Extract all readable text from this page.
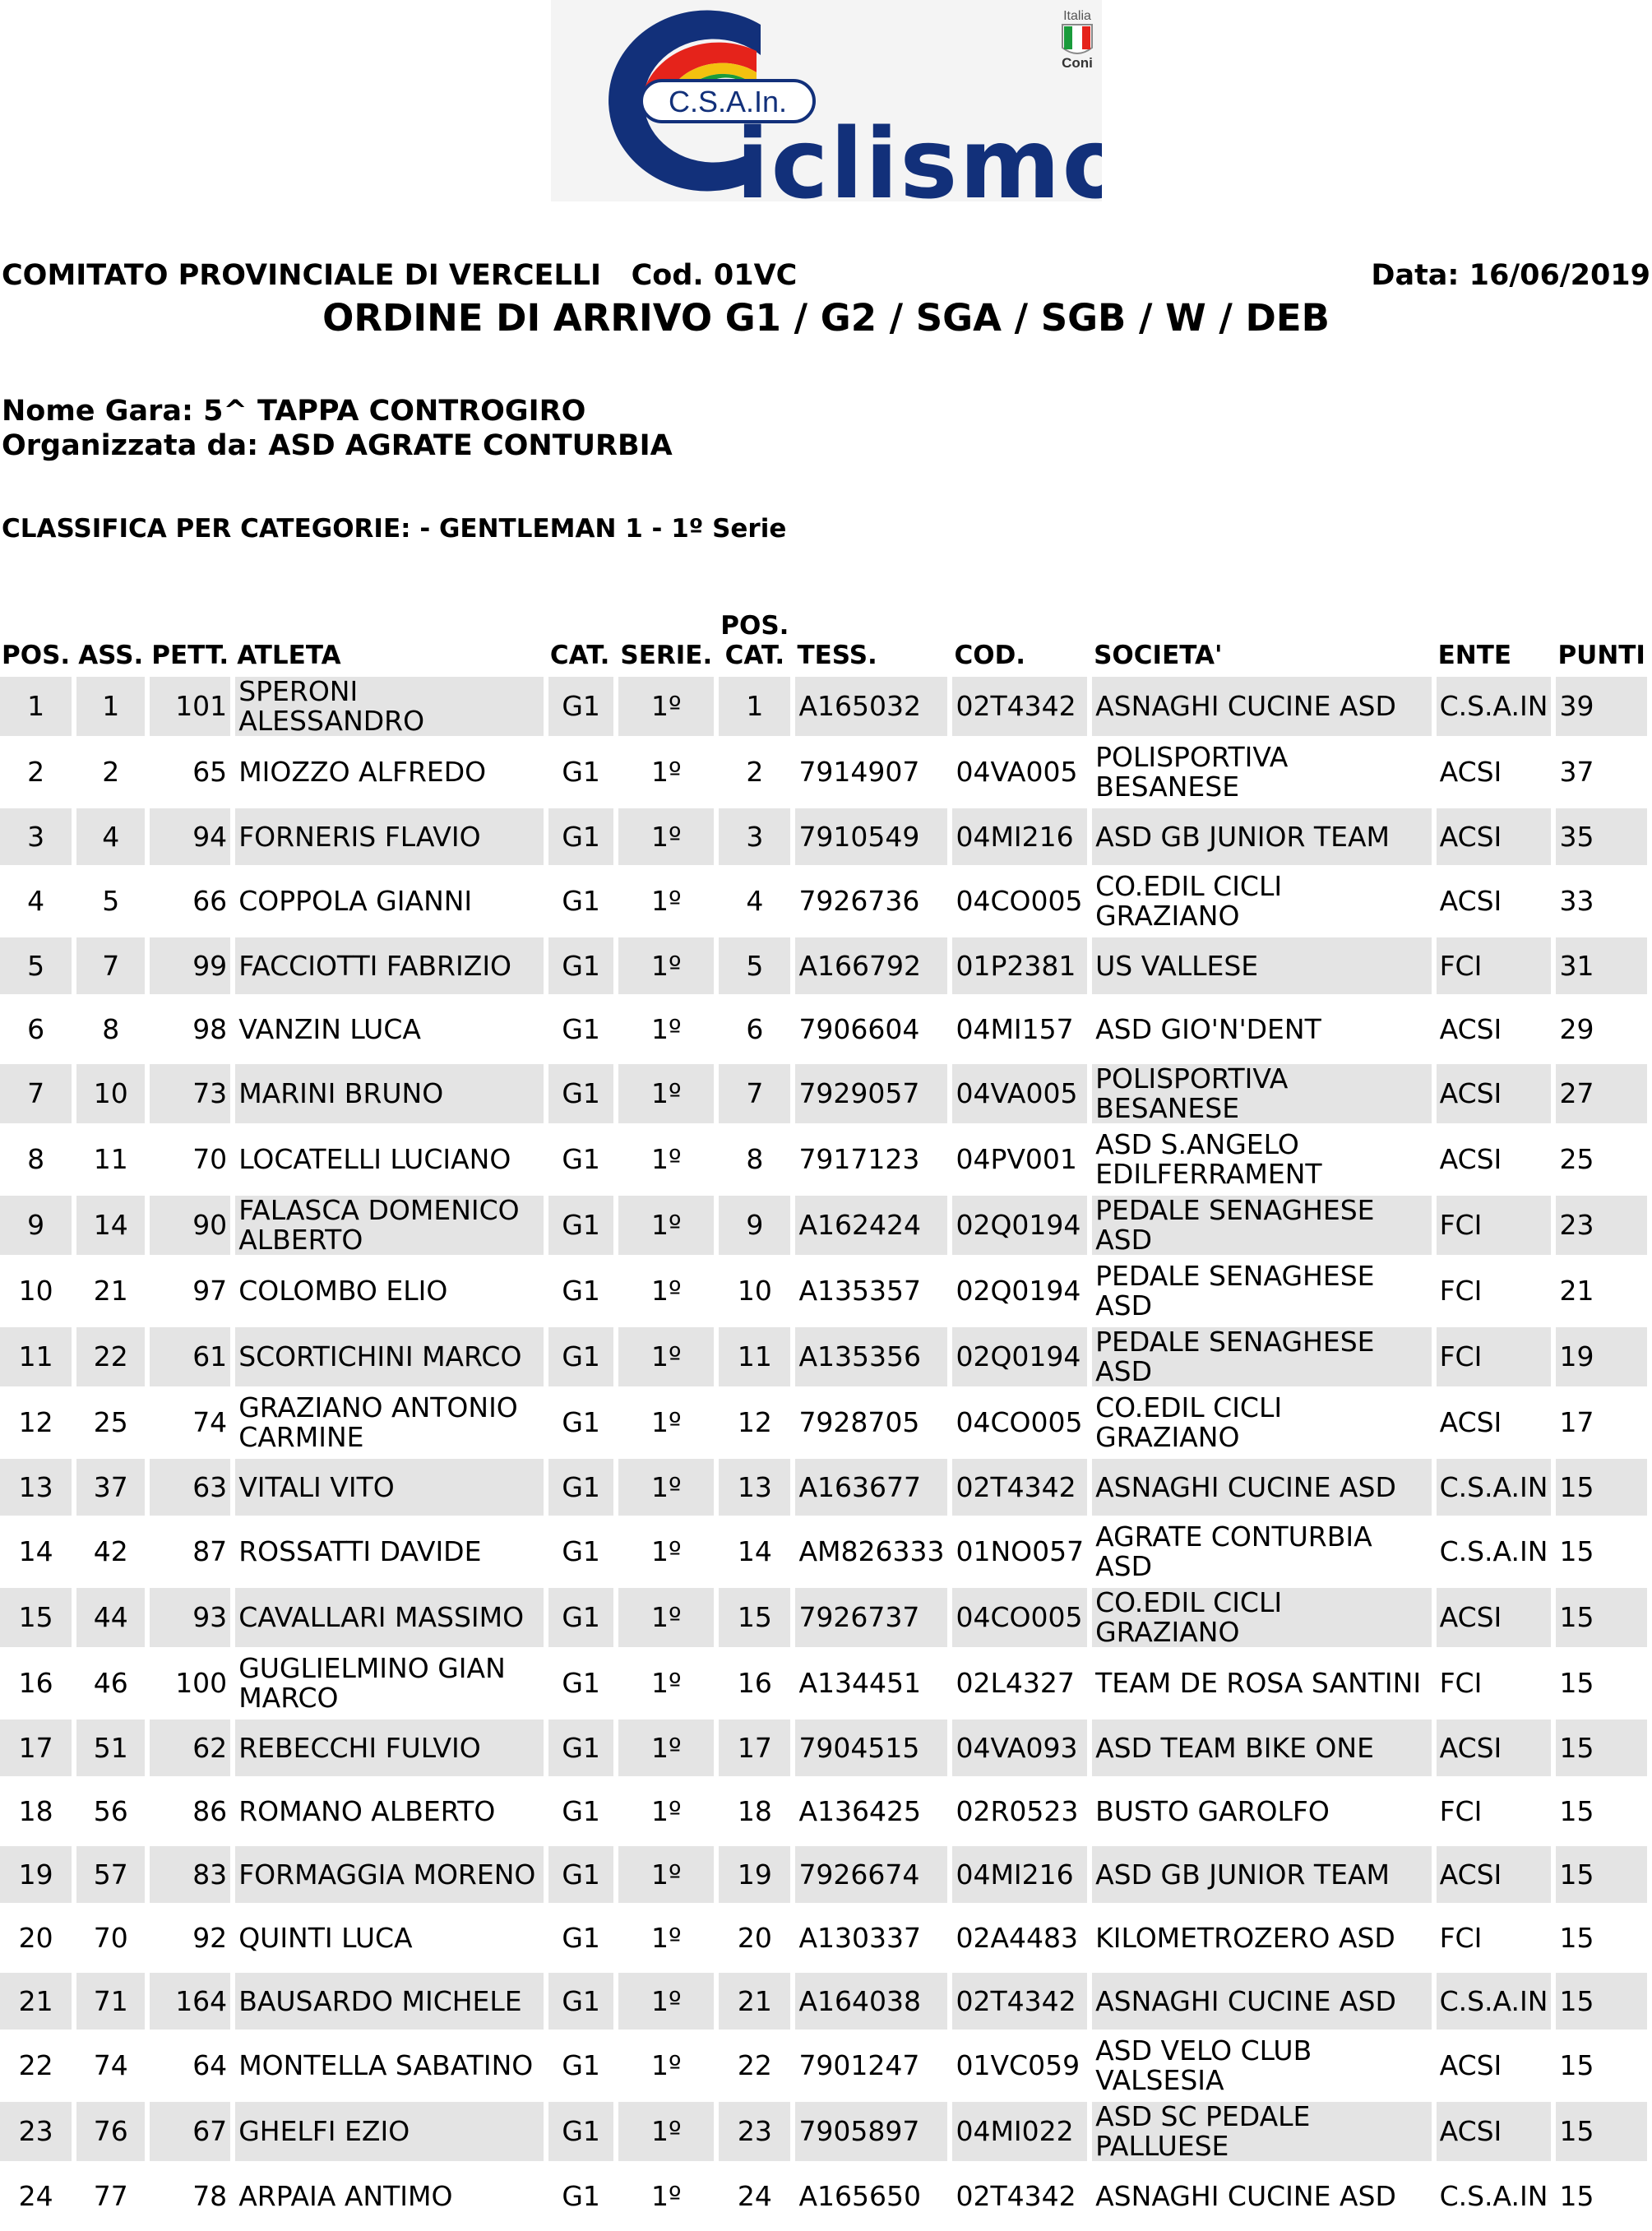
C.S.A.In.
iclismo
Italia
Coni
COMITATO PROVINCIALE DI VERCELLI   Cod. 01VC	Data: 16/06/2019
ORDINE DI ARRIVO G1 / G2 / SGA / SGB / W / DEB
Nome Gara: 5^ TAPPA CONTROGIRO
Organizzata da: ASD AGRATE CONTURBIA
CLASSIFICA PER CATEGORIE: - GENTLEMAN 1 - 1º Serie
POS.	ASS.	PETT.	ATLETA	CAT.	SERIE.	POS. CAT.	TESS.	COD.	SOCIETA'	ENTE	PUNTI
1	1	101	SPERONI ALESSANDRO	G1	1º	1	A165032	02T4342	ASNAGHI CUCINE ASD	C.S.A.IN	39
2	2	65	MIOZZO ALFREDO	G1	1º	2	7914907	04VA005	POLISPORTIVA BESANESE	ACSI	37
3	4	94	FORNERIS FLAVIO	G1	1º	3	7910549	04MI216	ASD GB JUNIOR TEAM	ACSI	35
4	5	66	COPPOLA GIANNI	G1	1º	4	7926736	04CO005	CO.EDIL CICLI GRAZIANO	ACSI	33
5	7	99	FACCIOTTI FABRIZIO	G1	1º	5	A166792	01P2381	US VALLESE	FCI	31
6	8	98	VANZIN LUCA	G1	1º	6	7906604	04MI157	ASD GIO'N'DENT	ACSI	29
7	10	73	MARINI BRUNO	G1	1º	7	7929057	04VA005	POLISPORTIVA BESANESE	ACSI	27
8	11	70	LOCATELLI LUCIANO	G1	1º	8	7917123	04PV001	ASD S.ANGELO EDILFERRAMENT	ACSI	25
9	14	90	FALASCA DOMENICO ALBERTO	G1	1º	9	A162424	02Q0194	PEDALE SENAGHESE ASD	FCI	23
10	21	97	COLOMBO ELIO	G1	1º	10	A135357	02Q0194	PEDALE SENAGHESE ASD	FCI	21
11	22	61	SCORTICHINI MARCO	G1	1º	11	A135356	02Q0194	PEDALE SENAGHESE ASD	FCI	19
12	25	74	GRAZIANO ANTONIO CARMINE	G1	1º	12	7928705	04CO005	CO.EDIL CICLI GRAZIANO	ACSI	17
13	37	63	VITALI VITO	G1	1º	13	A163677	02T4342	ASNAGHI CUCINE ASD	C.S.A.IN	15
14	42	87	ROSSATTI DAVIDE	G1	1º	14	AM826333	01NO057	AGRATE CONTURBIA ASD	C.S.A.IN	15
15	44	93	CAVALLARI MASSIMO	G1	1º	15	7926737	04CO005	CO.EDIL CICLI GRAZIANO	ACSI	15
16	46	100	GUGLIELMINO GIAN MARCO	G1	1º	16	A134451	02L4327	TEAM DE ROSA SANTINI	FCI	15
17	51	62	REBECCHI FULVIO	G1	1º	17	7904515	04VA093	ASD TEAM BIKE ONE	ACSI	15
18	56	86	ROMANO ALBERTO	G1	1º	18	A136425	02R0523	BUSTO GAROLFO	FCI	15
19	57	83	FORMAGGIA MORENO	G1	1º	19	7926674	04MI216	ASD GB JUNIOR TEAM	ACSI	15
20	70	92	QUINTI LUCA	G1	1º	20	A130337	02A4483	KILOMETROZERO ASD	FCI	15
21	71	164	BAUSARDO MICHELE	G1	1º	21	A164038	02T4342	ASNAGHI CUCINE ASD	C.S.A.IN	15
22	74	64	MONTELLA SABATINO	G1	1º	22	7901247	01VC059	ASD VELO CLUB VALSESIA	ACSI	15
23	76	67	GHELFI EZIO	G1	1º	23	7905897	04MI022	ASD SC PEDALE PALLUESE	ACSI	15
24	77	78	ARPAIA ANTIMO	G1	1º	24	A165650	02T4342	ASNAGHI CUCINE ASD	C.S.A.IN	15
